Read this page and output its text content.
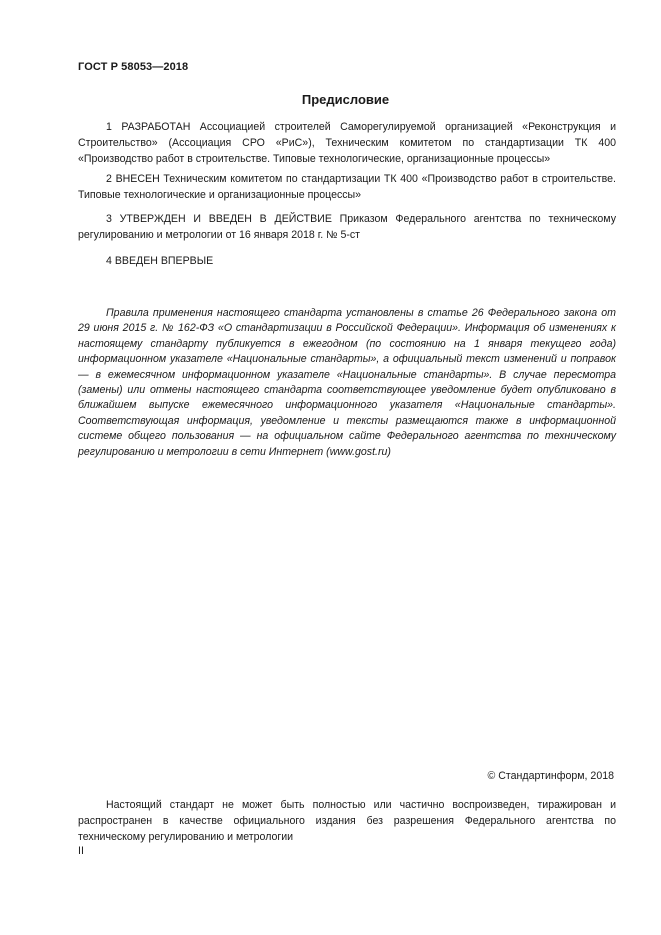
ГОСТ Р 58053—2018
Предисловие
1 РАЗРАБОТАН Ассоциацией строителей Саморегулируемой организацией «Реконструкция и Строительство» (Ассоциация СРО «РиС»), Техническим комитетом по стандартизации ТК 400 «Производство работ в строительстве. Типовые технологические, организационные процессы»
2 ВНЕСЕН Техническим комитетом по стандартизации ТК 400 «Производство работ в строительстве. Типовые технологические и организационные процессы»
3 УТВЕРЖДЕН И ВВЕДЕН В ДЕЙСТВИЕ Приказом Федерального агентства по техническому регулированию и метрологии от 16 января 2018 г. № 5-ст
4 ВВЕДЕН ВПЕРВЫЕ
Правила применения настоящего стандарта установлены в статье 26 Федерального закона от 29 июня 2015 г. № 162-ФЗ «О стандартизации в Российской Федерации». Информация об изменениях к настоящему стандарту публикуется в ежегодном (по состоянию на 1 января текущего года) информационном указателе «Национальные стандарты», а официальный текст изменений и поправок — в ежемесячном информационном указателе «Национальные стандарты». В случае пересмотра (замены) или отмены настоящего стандарта соответствующее уведомление будет опубликовано в ближайшем выпуске ежемесячного информационного указателя «Национальные стандарты». Соответствующая информация, уведомление и тексты размещаются также в информационной системе общего пользования — на официальном сайте Федерального агентства по техническому регулированию и метрологии в сети Интернет (www.gost.ru)
© Стандартинформ, 2018
Настоящий стандарт не может быть полностью или частично воспроизведен, тиражирован и распространен в качестве официального издания без разрешения Федерального агентства по техническому регулированию и метрологии
II
